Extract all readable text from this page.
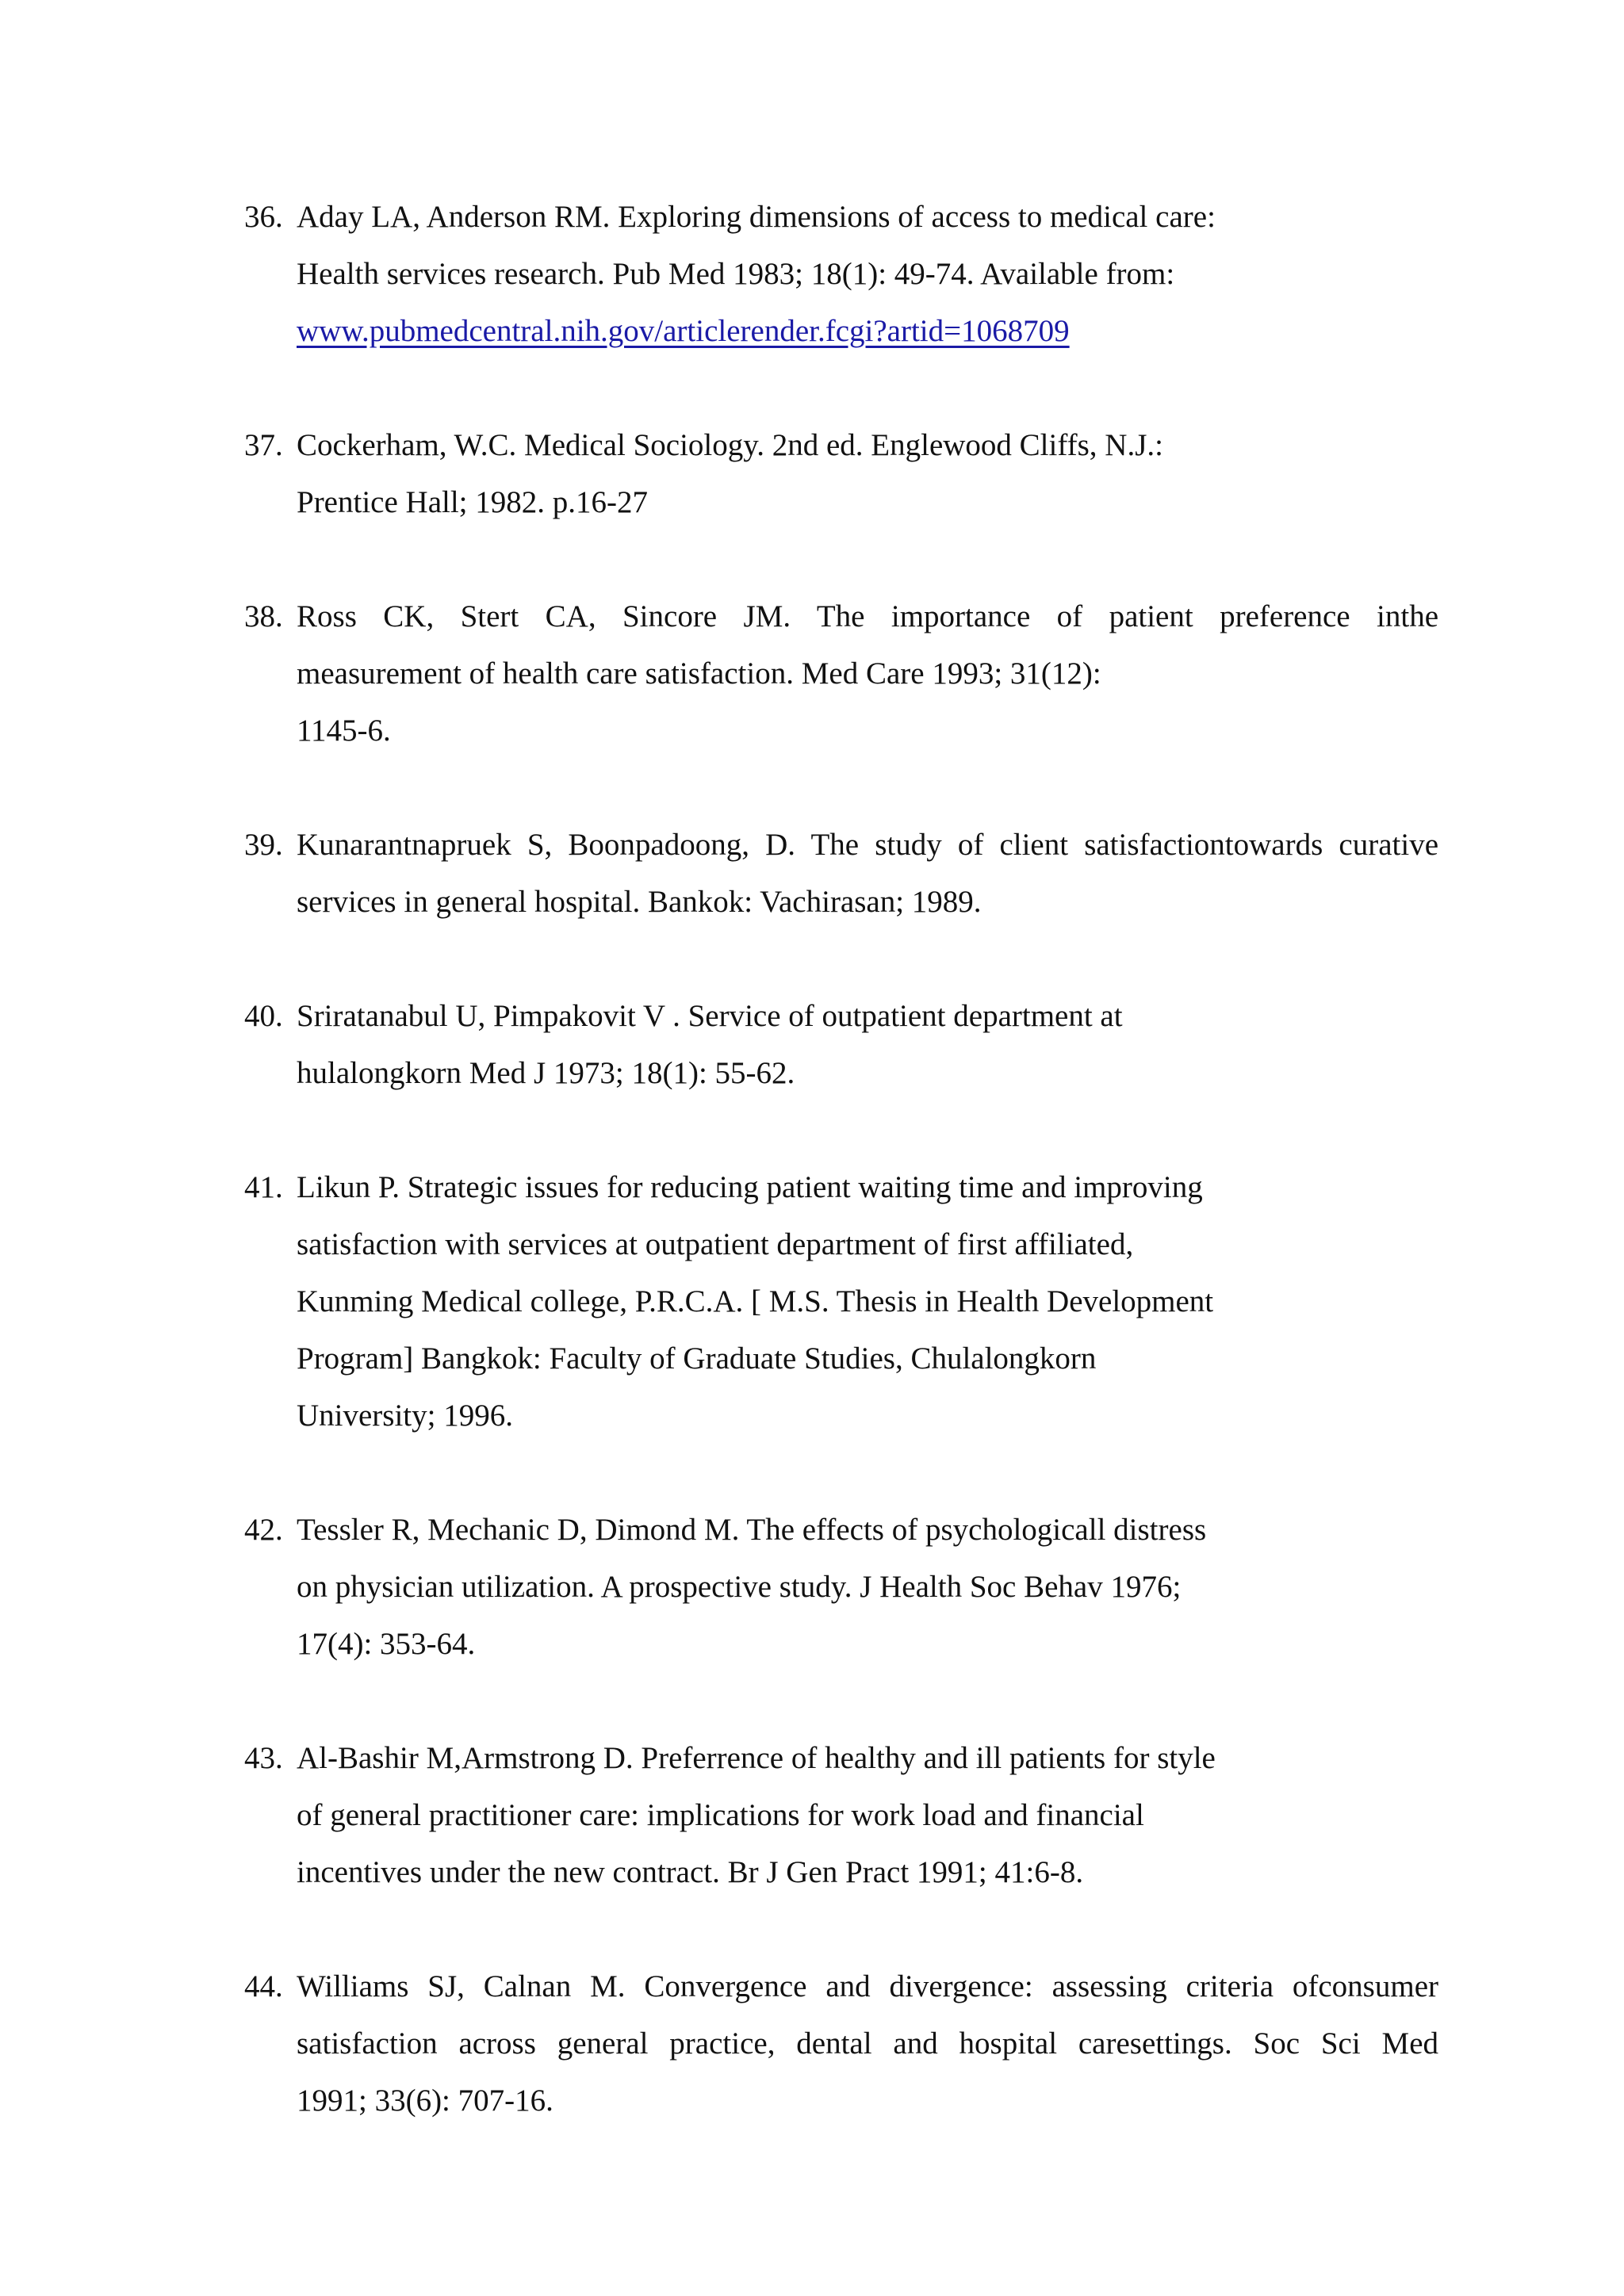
36. Aday LA, Anderson RM. Exploring dimensions of access to medical care:
Health services research. Pub Med 1983; 18(1): 49-74. Available from:
www.pubmedcentral.nih.gov/articlerender.fcgi?artid=1068709
37. Cockerham, W.C. Medical Sociology. 2nd ed. Englewood Cliffs, N.J.:
Prentice Hall; 1982. p.16-27
38. Ross CK, Stert CA, Sincore JM. The importance of patient preference inthe
measurement of health care satisfaction. Med Care 1993; 31(12):
1145-6.
39. Kunarantnapruek S, Boonpadoong, D. The study of client satisfactiontowards curative
services in general hospital. Bankok: Vachirasan; 1989.
40. Sriratanabul U, Pimpakovit V . Service of outpatient department at
hulalongkorn Med J 1973; 18(1): 55-62.
41. Likun P. Strategic issues for reducing patient waiting time and improving
satisfaction with services at outpatient department of first affiliated,
Kunming Medical college, P.R.C.A. [ M.S. Thesis in Health Development
Program] Bangkok: Faculty of Graduate Studies, Chulalongkorn
University; 1996.
42. Tessler R, Mechanic D, Dimond M. The effects of psychologicall distress
on physician utilization. A prospective study. J Health Soc Behav 1976;
17(4): 353-64.
43. Al-Bashir M,Armstrong D. Preferrence of healthy and ill patients for style
of general practitioner care: implications for work load and financial
incentives under the new contract. Br J Gen Pract 1991; 41:6-8.
44. Williams SJ, Calnan M. Convergence and divergence: assessing criteria ofconsumer
satisfaction across general practice, dental and hospital caresettings. Soc Sci Med
1991; 33(6): 707-16.
